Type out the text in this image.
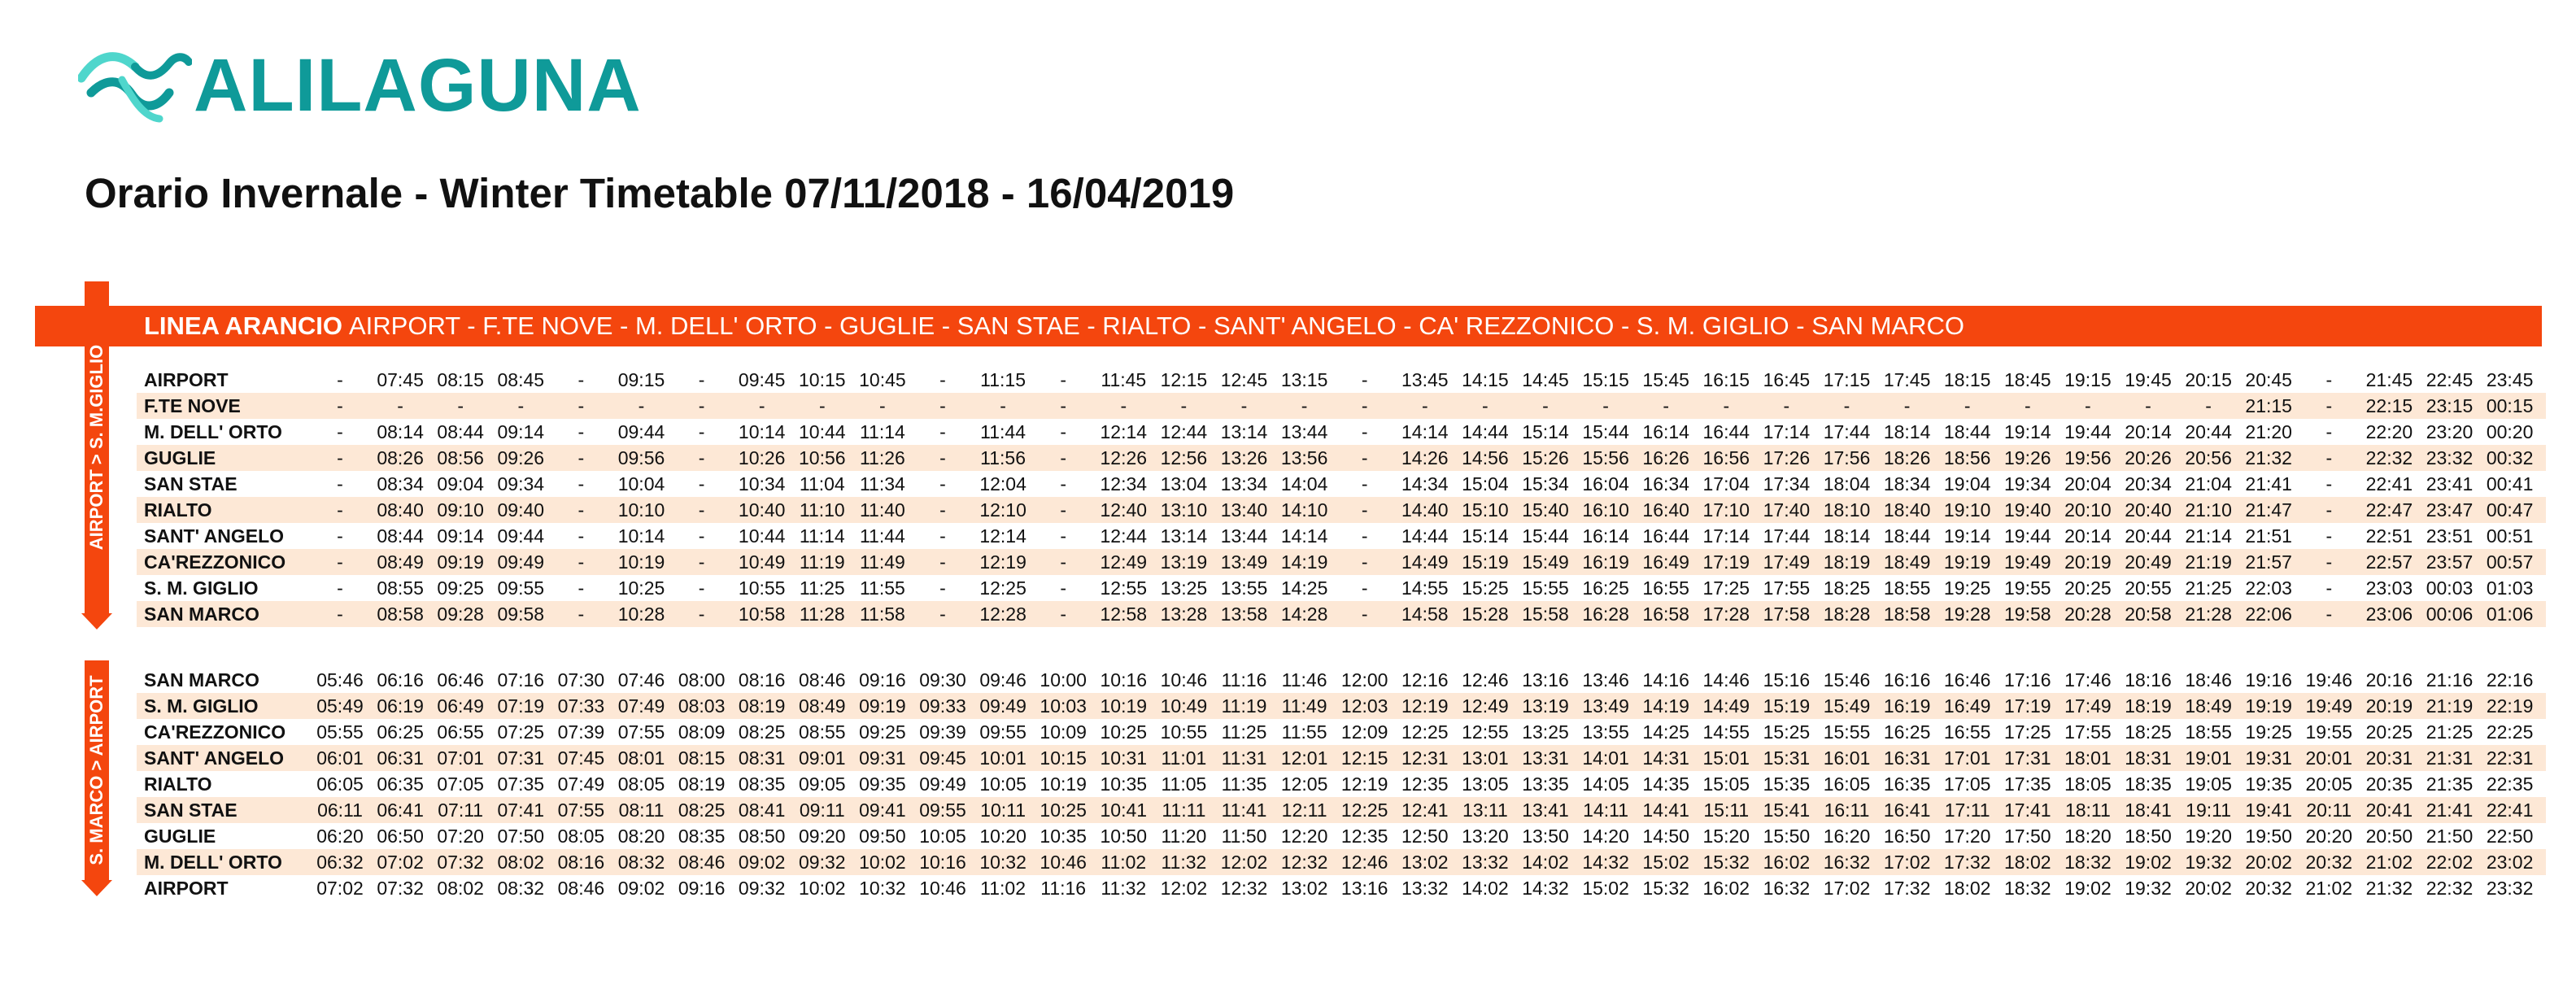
ALILAGUNA
Orario Invernale - Winter Timetable 07/11/2018 - 16/04/2019
LINEA ARANCIO AIRPORT - F.TE NOVE - M. DELL' ORTO - GUGLIE - SAN STAE - RIALTO - SANT' ANGELO - CA' REZZONICO - S. M. GIGLIO - SAN MARCO
AIRPORT > S. M.GIGLIO
S. MARCO > AIRPORT
AIRPORT	-	07:45 08:15 08:45	-	09:15	-	09:45 10:15 10:45	-	11:15	-	11:45 12:15 12:45 13:15	-	13:45 14:15 14:45 15:15 15:45 16:15 16:45 17:15 17:45 18:15 18:45 19:15 19:45 20:15 20:45	-	21:45 22:45 23:45
F.TE NOVE	-	-	-	-	-	-	-	-	-	-	-	-	-	-	-	-	-	-	-	-	-	-	-	-	-	-	-	-	-	-	-	-	21:15	-	22:15 23:15 00:15
M. DELL' ORTO	-	08:14 08:44 09:14	-	09:44	-	10:14 10:44 11:14	-	11:44	-	12:14 12:44 13:14 13:44	-	14:14 14:44 15:14 15:44 16:14 16:44 17:14 17:44 18:14 18:44 19:14 19:44 20:14 20:44 21:20	-	22:20 23:20 00:20
GUGLIE	-	08:26 08:56 09:26	-	09:56	-	10:26 10:56 11:26	-	11:56	-	12:26 12:56 13:26 13:56	-	14:26 14:56 15:26 15:56 16:26 16:56 17:26 17:56 18:26 18:56 19:26 19:56 20:26 20:56 21:32	-	22:32 23:32 00:32
SAN STAE	-	08:34 09:04 09:34	-	10:04	-	10:34 11:04 11:34	-	12:04	-	12:34 13:04 13:34 14:04	-	14:34 15:04 15:34 16:04 16:34 17:04 17:34 18:04 18:34 19:04 19:34 20:04 20:34 21:04 21:41	-	22:41 23:41 00:41
RIALTO	-	08:40 09:10 09:40	-	10:10	-	10:40 11:10 11:40	-	12:10	-	12:40 13:10 13:40 14:10	-	14:40 15:10 15:40 16:10 16:40 17:10 17:40 18:10 18:40 19:10 19:40 20:10 20:40 21:10 21:47	-	22:47 23:47 00:47
SANT' ANGELO	-	08:44 09:14 09:44	-	10:14	-	10:44 11:14 11:44	-	12:14	-	12:44 13:14 13:44 14:14	-	14:44 15:14 15:44 16:14 16:44 17:14 17:44 18:14 18:44 19:14 19:44 20:14 20:44 21:14 21:51	-	22:51 23:51 00:51
CA'REZZONICO	-	08:49 09:19 09:49	-	10:19	-	10:49 11:19 11:49	-	12:19	-	12:49 13:19 13:49 14:19	-	14:49 15:19 15:49 16:19 16:49 17:19 17:49 18:19 18:49 19:19 19:49 20:19 20:49 21:19 21:57	-	22:57 23:57 00:57
S. M. GIGLIO	-	08:55 09:25 09:55	-	10:25	-	10:55 11:25 11:55	-	12:25	-	12:55 13:25 13:55 14:25	-	14:55 15:25 15:55 16:25 16:55 17:25 17:55 18:25 18:55 19:25 19:55 20:25 20:55 21:25 22:03	-	23:03 00:03 01:03
SAN MARCO	-	08:58 09:28 09:58	-	10:28	-	10:58 11:28 11:58	-	12:28	-	12:58 13:28 13:58 14:28	-	14:58 15:28 15:58 16:28 16:58 17:28 17:58 18:28 18:58 19:28 19:58 20:28 20:58 21:28 22:06	-	23:06 00:06 01:06
SAN MARCO	05:46 06:16 06:46 07:16 07:30 07:46 08:00 08:16 08:46 09:16 09:30 09:46 10:00 10:16 10:46 11:16 11:46 12:00 12:16 12:46 13:16 13:46 14:16 14:46 15:16 15:46 16:16 16:46 17:16 17:46 18:16 18:46 19:16 19:46 20:16 21:16 22:16
S. M. GIGLIO	05:49 06:19 06:49 07:19 07:33 07:49 08:03 08:19 08:49 09:19 09:33 09:49 10:03 10:19 10:49 11:19 11:49 12:03 12:19 12:49 13:19 13:49 14:19 14:49 15:19 15:49 16:19 16:49 17:19 17:49 18:19 18:49 19:19 19:49 20:19 21:19 22:19
CA'REZZONICO 05:55 06:25 06:55 07:25 07:39 07:55 08:09 08:25 08:55 09:25 09:39 09:55 10:09 10:25 10:55 11:25 11:55 12:09 12:25 12:55 13:25 13:55 14:25 14:55 15:25 15:55 16:25 16:55 17:25 17:55 18:25 18:55 19:25 19:55 20:25 21:25 22:25
SANT' ANGELO 06:01 06:31 07:01 07:31 07:45 08:01 08:15 08:31 09:01 09:31 09:45 10:01 10:15 10:31 11:01 11:31 12:01 12:15 12:31 13:01 13:31 14:01 14:31 15:01 15:31 16:01 16:31 17:01 17:31 18:01 18:31 19:01 19:31 20:01 20:31 21:31 22:31
RIALTO	06:05 06:35 07:05 07:35 07:49 08:05 08:19 08:35 09:05 09:35 09:49 10:05 10:19 10:35 11:05 11:35 12:05 12:19 12:35 13:05 13:35 14:05 14:35 15:05 15:35 16:05 16:35 17:05 17:35 18:05 18:35 19:05 19:35 20:05 20:35 21:35 22:35
SAN STAE	06:11 06:41 07:11 07:41 07:55 08:11 08:25 08:41 09:11 09:41 09:55 10:11 10:25 10:41 11:11 11:41 12:11 12:25 12:41 13:11 13:41 14:11 14:41 15:11 15:41 16:11 16:41 17:11 17:41 18:11 18:41 19:11 19:41 20:11 20:41 21:41 22:41
GUGLIE	06:20 06:50 07:20 07:50 08:05 08:20 08:35 08:50 09:20 09:50 10:05 10:20 10:35 10:50 11:20 11:50 12:20 12:35 12:50 13:20 13:50 14:20 14:50 15:20 15:50 16:20 16:50 17:20 17:50 18:20 18:50 19:20 19:50 20:20 20:50 21:50 22:50
M. DELL' ORTO 06:32 07:02 07:32 08:02 08:16 08:32 08:46 09:02 09:32 10:02 10:16 10:32 10:46 11:02 11:32 12:02 12:32 12:46 13:02 13:32 14:02 14:32 15:02 15:32 16:02 16:32 17:02 17:32 18:02 18:32 19:02 19:32 20:02 20:32 21:02 22:02 23:02
AIRPORT	07:02 07:32 08:02 08:32 08:46 09:02 09:16 09:32 10:02 10:32 10:46 11:02 11:16 11:32 12:02 12:32 13:02 13:16 13:32 14:02 14:32 15:02 15:32 16:02 16:32 17:02 17:32 18:02 18:32 19:02 19:32 20:02 20:32 21:02 21:32 22:32 23:32
